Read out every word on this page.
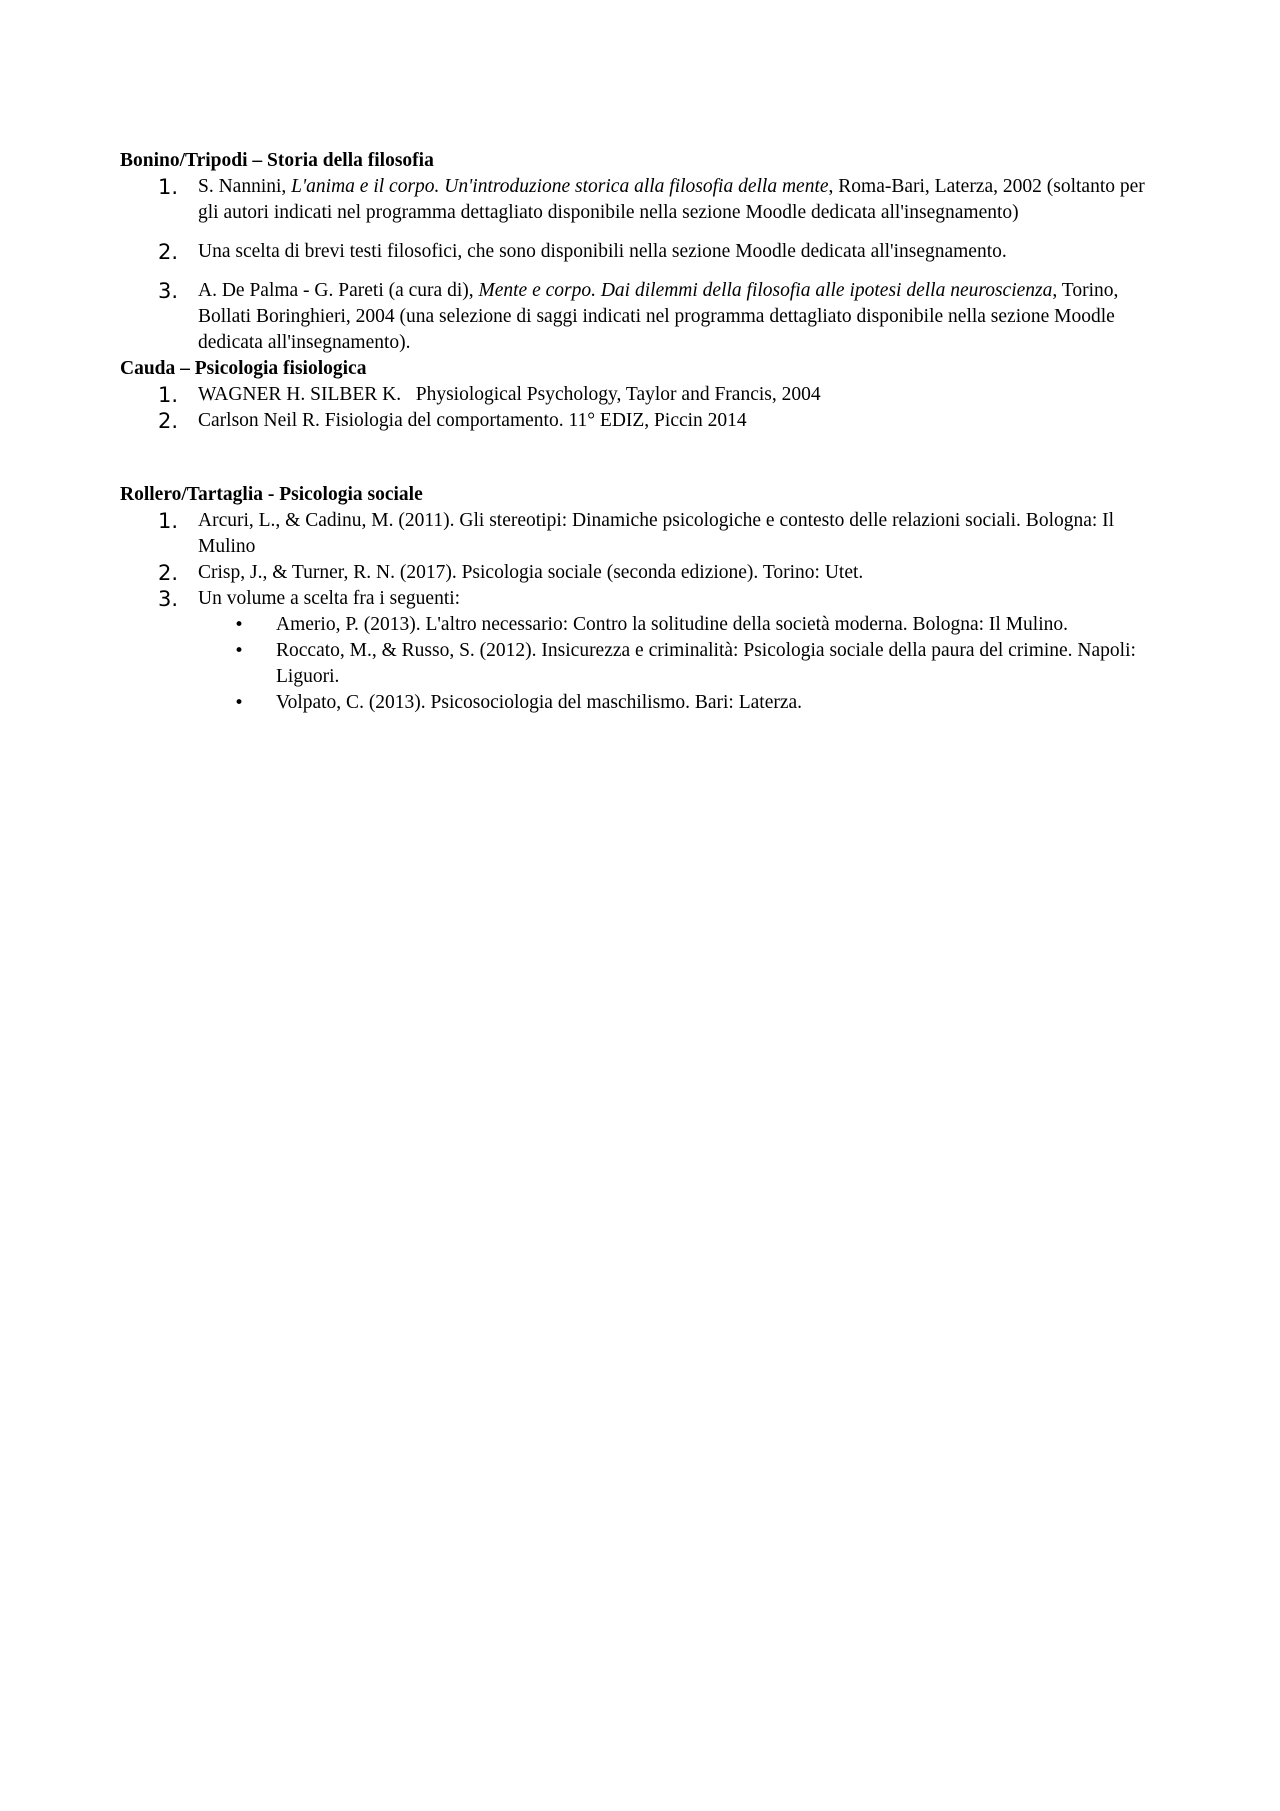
Bonino/Tripodi – Storia della filosofia

1. S. Nannini, L'anima e il corpo. Un'introduzione storica alla filosofia della mente, Roma-Bari, Laterza, 2002 (soltanto per gli autori indicati nel programma dettagliato disponibile nella sezione Moodle dedicata all'insegnamento)
2. Una scelta di brevi testi filosofici, che sono disponibili nella sezione Moodle dedicata all'insegnamento.
3. A. De Palma - G. Pareti (a cura di), Mente e corpo. Dai dilemmi della filosofia alle ipotesi della neuroscienza, Torino, Bollati Boringhieri, 2004 (una selezione di saggi indicati nel programma dettagliato disponibile nella sezione Moodle dedicata all'insegnamento).

Cauda – Psicologia fisiologica

1. WAGNER H. SILBER K.   Physiological Psychology, Taylor and Francis, 2004
2. Carlson Neil R. Fisiologia del comportamento. 11° EDIZ, Piccin 2014

Rollero/Tartaglia - Psicologia sociale

1. Arcuri, L., & Cadinu, M. (2011). Gli stereotipi: Dinamiche psicologiche e contesto delle relazioni sociali. Bologna: Il Mulino
2. Crisp, J., & Turner, R. N. (2017). Psicologia sociale (seconda edizione). Torino: Utet.
3. Un volume a scelta fra i seguenti:
• Amerio, P. (2013). L'altro necessario: Contro la solitudine della società moderna. Bologna: Il Mulino.
• Roccato, M., & Russo, S. (2012). Insicurezza e criminalità: Psicologia sociale della paura del crimine. Napoli: Liguori.
• Volpato, C. (2013). Psicosociologia del maschilismo. Bari: Laterza.
